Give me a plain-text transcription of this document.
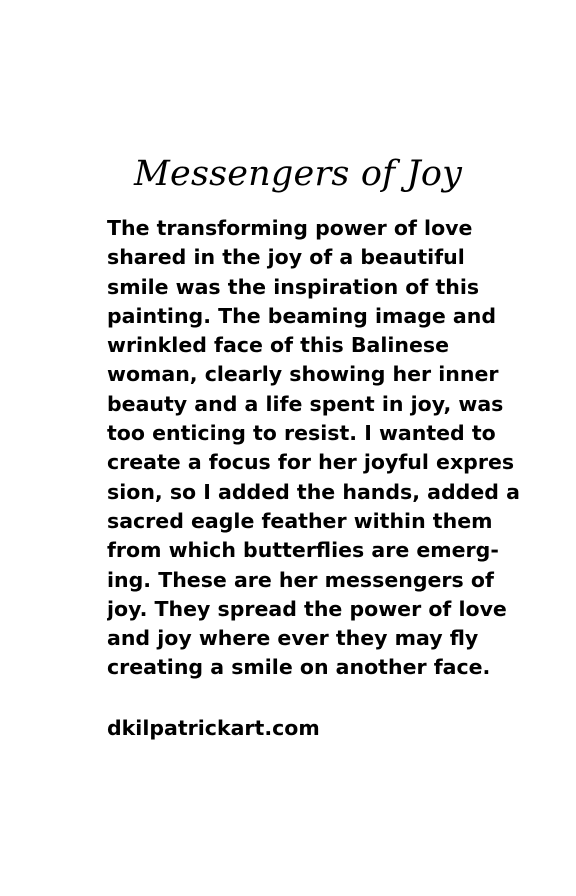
Messengers of Joy

The transforming power of love

shared in the joy of a beautiful

smile was the inspiration of this

painting. The beaming image and

wrinkled face of this Balinese

woman, clearly showing her inner

beauty and a life spent in joy, was

too enticing to resist. I wanted to

create a focus for her joyful expres

sion, so I added the hands, added a

sacred eagle feather within them

from which butterflies are emerg-

ing. These are her messengers of

joy. They spread the power of love

and joy where ever they may fly

creating a smile on another face.

dkilpatrickart.com
